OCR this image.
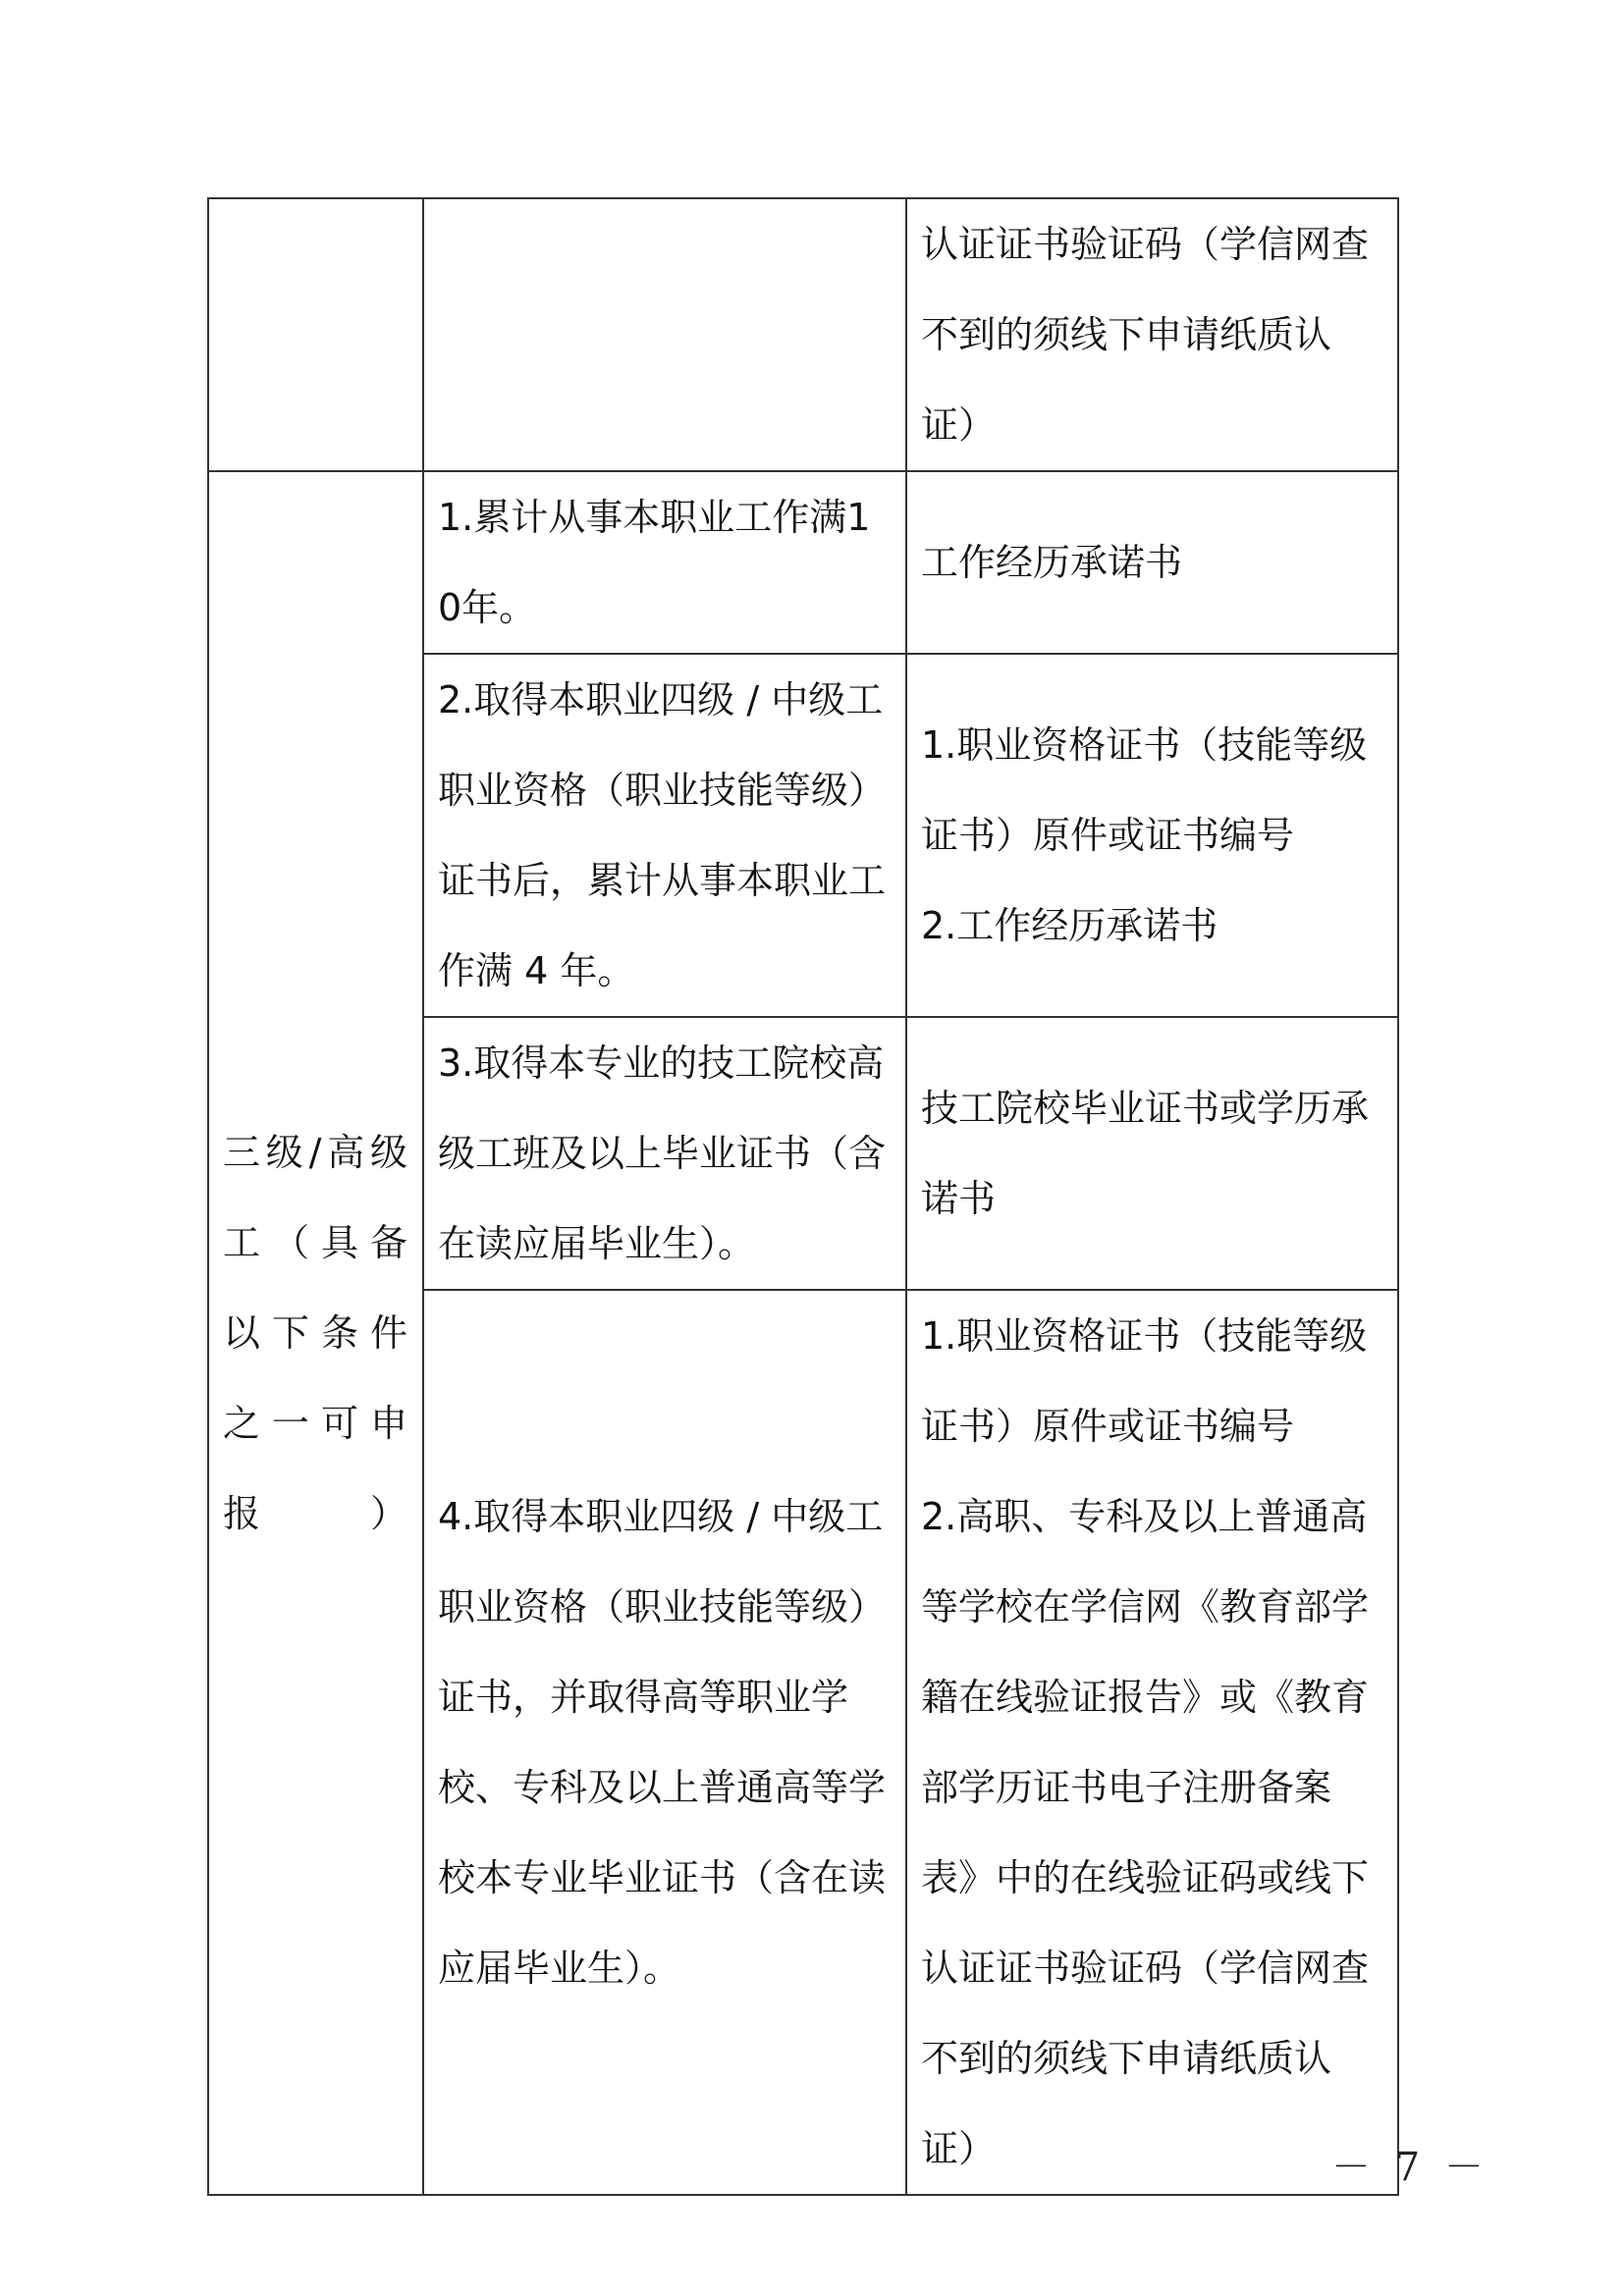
		认证证书验证码（学信网查不到的须线下申请纸质认证）

三级/高级工（具备以下条件之一可申报）	1.累计从事本职业工作满10年。	工作经历承诺书

	2.取得本职业四级 / 中级工职业资格（职业技能等级）证书后，累计从事本职业工作满 4 年。	1.职业资格证书（技能等级证书）原件或证书编号
2.工作经历承诺书

	3.取得本专业的技工院校高级工班及以上毕业证书（含在读应届毕业生）。	技工院校毕业证书或学历承诺书

	4.取得本职业四级 / 中级工职业资格（职业技能等级）证书，并取得高等职业学校、专科及以上普通高等学校本专业毕业证书（含在读应届毕业生）。	1.职业资格证书（技能等级证书）原件或证书编号
2.高职、专科及以上普通高等学校在学信网《教育部学籍在线验证报告》或《教育部学历证书电子注册备案 表》中的在线验证码或线下认证证书验证码（学信网查不到的须线下申请纸质认证）	－ 7 －
